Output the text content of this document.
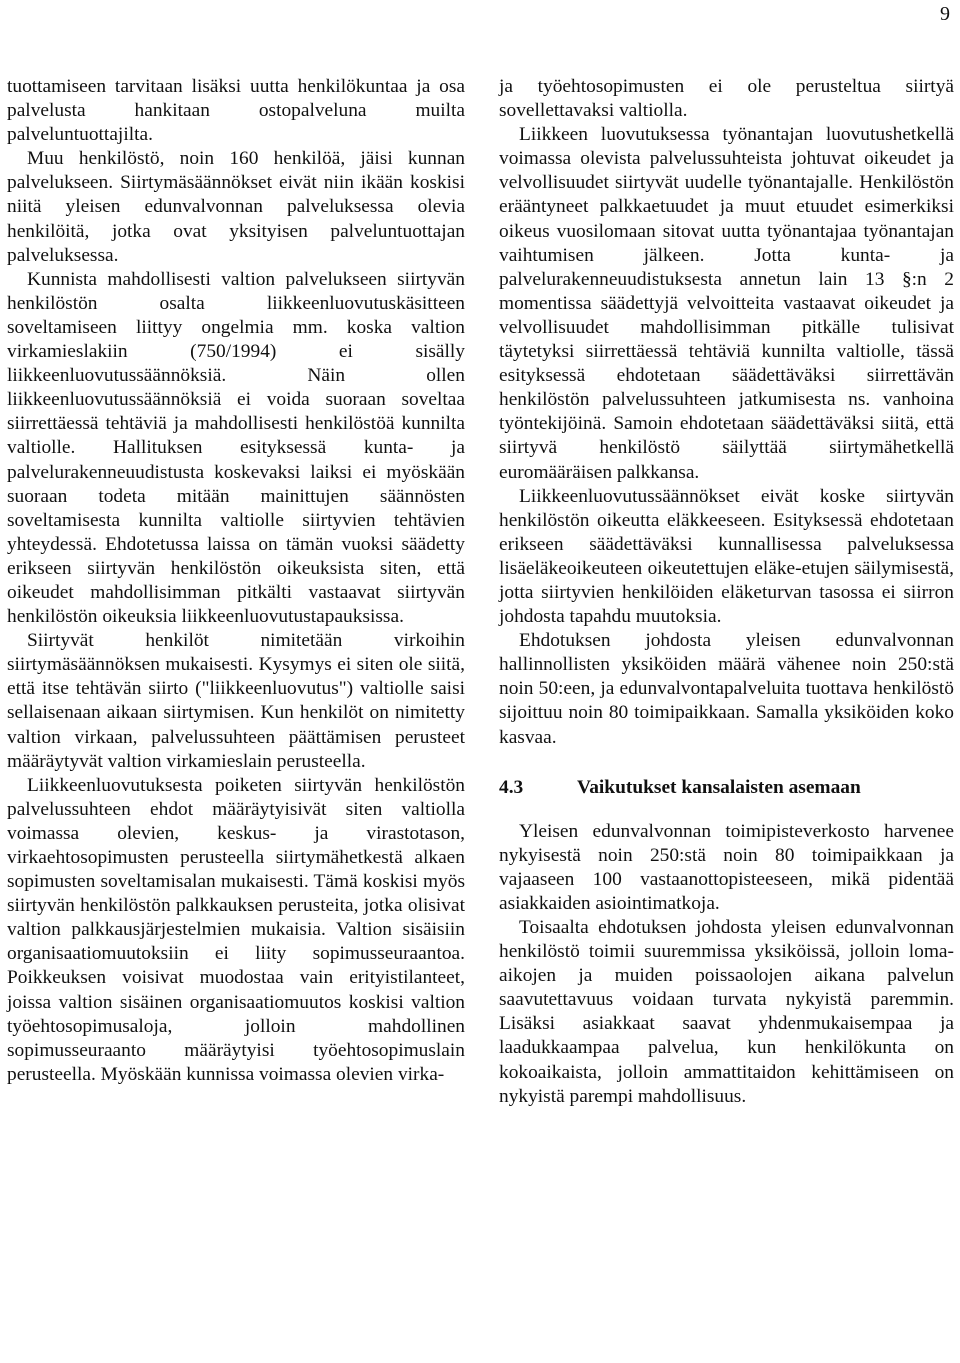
9

tuottamiseen tarvitaan lisäksi uutta henkilökuntaa ja osa palvelusta hankitaan ostopalveluna muilta palveluntuottajilta.

Muu henkilöstö, noin 160 henkilöä, jäisi kunnan palvelukseen. Siirtymäsäännökset eivät niin ikään koskisi niitä yleisen edunvalvonnan palveluksessa olevia henkilöitä, jotka ovat yksityisen palveluntuottajan palveluksessa.

Kunnista mahdollisesti valtion palvelukseen siirtyvän henkilöstön osalta liikkeenluovutuskäsitteen soveltamiseen liittyy ongelmia mm. koska valtion virkamieslakiin (750/1994) ei sisälly liikkeenluovutussäännöksiä. Näin ollen liikkeenluovutussäännöksiä ei voida suoraan soveltaa siirrettäessä tehtäviä ja mahdollisesti henkilöstöä kunnilta valtiolle. Hallituksen esityksessä kunta- ja palvelurakenneuudistusta koskevaksi laiksi ei myöskään suoraan todeta mitään mainittujen säännösten soveltamisesta kunnilta valtiolle siirtyvien tehtävien yhteydessä. Ehdotetussa laissa on tämän vuoksi säädetty erikseen siirtyvän henkilöstön oikeuksista siten, että oikeudet mahdollisimman pitkälti vastaavat siirtyvän henkilöstön oikeuksia liikkeenluovutustapauksissa.

Siirtyvät henkilöt nimitetään virkoihin siirtymäsäännöksen mukaisesti. Kysymys ei siten ole siitä, että itse tehtävän siirto ("liikkeenluovutus") valtiolle saisi sellaisenaan aikaan siirtymisen. Kun henkilöt on nimitetty valtion virkaan, palvelussuhteen päättämisen perusteet määräytyvät valtion virkamieslain perusteella.

Liikkeenluovutuksesta poiketen siirtyvän henkilöstön palvelussuhteen ehdot määräytyisivät siten valtiolla voimassa olevien, keskus- ja virastotason, virkaehtosopimusten perusteella siirtymähetkestä alkaen sopimusten soveltamisalan mukaisesti. Tämä koskisi myös siirtyvän henkilöstön palkkauksen perusteita, jotka olisivat valtion palkkausjärjestelmien mukaisia. Valtion sisäisiin organisaatiomuutoksiin ei liity sopimusseuraantoa. Poikkeuksen voisivat muodostaa vain erityistilanteet, joissa valtion sisäinen organisaatiomuutos koskisi valtion työehtosopimusaloja, jolloin mahdollinen sopimusseuraanto määräytyisi työehtosopimuslain perusteella. Myöskään kunnissa voimassa olevien virka-

ja työehtosopimusten ei ole perusteltua siirtyä sovellettavaksi valtiolla.

Liikkeen luovutuksessa työnantajan luovutushetkellä voimassa olevista palvelussuhteista johtuvat oikeudet ja velvollisuudet siirtyvät uudelle työnantajalle. Henkilöstön erääntyneet palkkaetuudet ja muut etuudet esimerkiksi oikeus vuosilomaan sitovat uutta työnantajaa työnantajan vaihtumisen jälkeen. Jotta kunta- ja palvelurakenneuudistuksesta annetun lain 13 §:n 2 momentissa säädettyjä velvoitteita vastaavat oikeudet ja velvollisuudet mahdollisimman pitkälle tulisivat täytetyksi siirrettäessä tehtäviä kunnilta valtiolle, tässä esityksessä ehdotetaan säädettäväksi siirrettävän henkilöstön palvelussuhteen jatkumisesta ns. vanhoina työntekijöinä. Samoin ehdotetaan säädettäväksi siitä, että siirtyvä henkilöstö säilyttää siirtymähetkellä euromääräisen palkkansa.

Liikkeenluovutussäännökset eivät koske siirtyvän henkilöstön oikeutta eläkkeeseen. Esityksessä ehdotetaan erikseen säädettäväksi kunnallisessa palveluksessa lisäeläkeoikeuteen oikeutettujen eläke-etujen säilymisestä, jotta siirtyvien henkilöiden eläketurvan tasossa ei siirron johdosta tapahdu muutoksia.

Ehdotuksen johdosta yleisen edunvalvonnan hallinnollisten yksiköiden määrä vähenee noin 250:stä noin 50:een, ja edunvalvontapalveluita tuottava henkilöstö sijoittuu noin 80 toimipaikkaan. Samalla yksiköiden koko kasvaa.

4.3	Vaikutukset kansalaisten asemaan

Yleisen edunvalvonnan toimipisteverkosto harvenee nykyisestä noin 250:stä noin 80 toimipaikkaan ja vajaaseen 100 vastaanottopisteeseen, mikä pidentää asiakkaiden asiointimatkoja.

Toisaalta ehdotuksen johdosta yleisen edunvalvonnan henkilöstö toimii suuremmissa yksiköissä, jolloin loma-aikojen ja muiden poissaolojen aikana palvelun saavutettavuus voidaan turvata nykyistä paremmin. Lisäksi asiakkaat saavat yhdenmukaisempaa ja laadukkaampaa palvelua, kun henkilökunta on kokoaikaista, jolloin ammattitaidon kehittämiseen on nykyistä parempi mahdollisuus.
